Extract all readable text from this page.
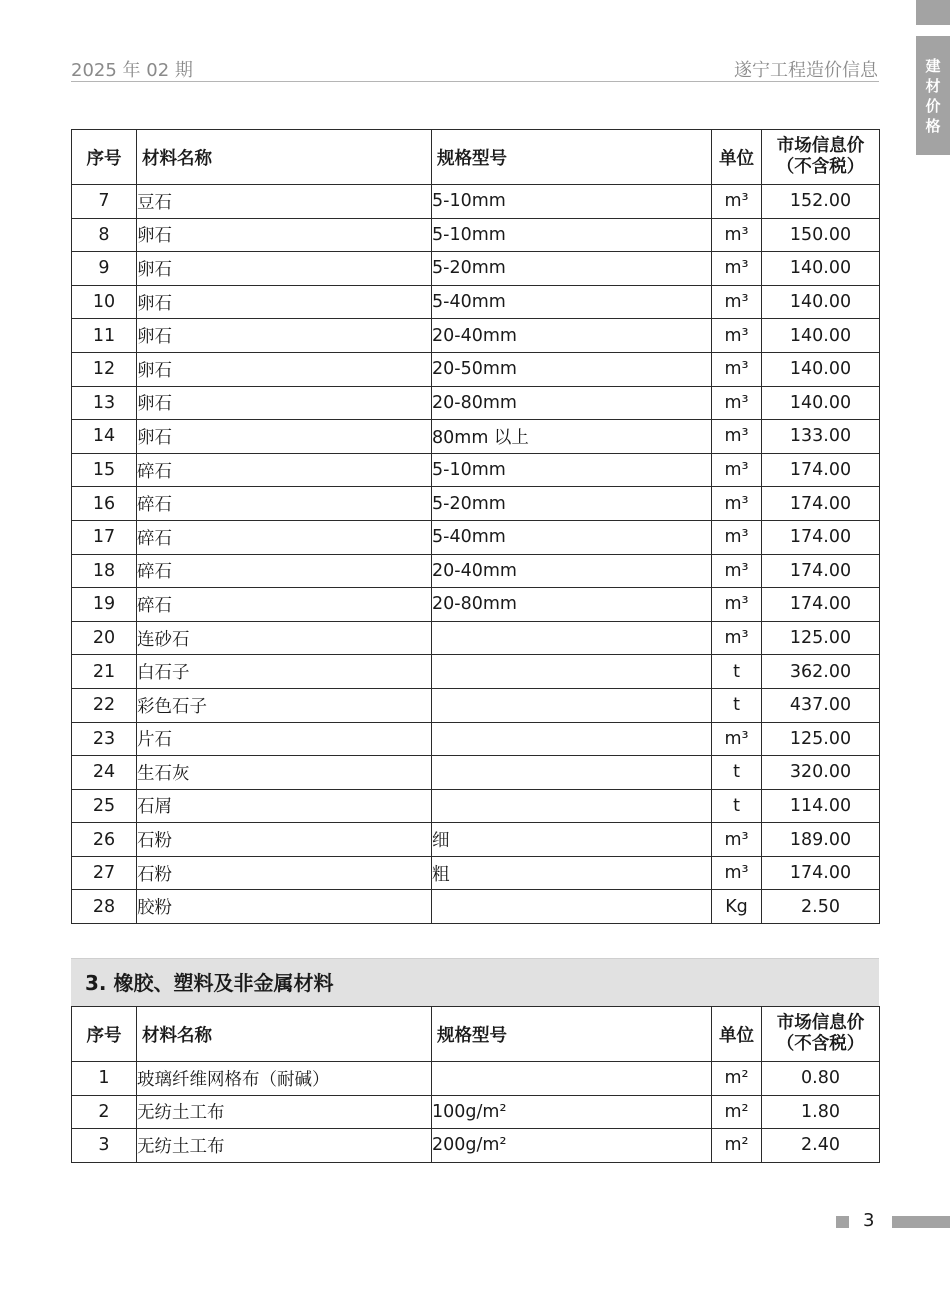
建材价格
2025 年 02 期	遂宁工程造价信息
序号	材料名称	规格型号	单位	市场信息价
（不含税）

7	豆石	5-10mm	m³	152.00
8	卵石	5-10mm	m³	150.00
9	卵石	5-20mm	m³	140.00
10	卵石	5-40mm	m³	140.00
11	卵石	20-40mm	m³	140.00
12	卵石	20-50mm	m³	140.00
13	卵石	20-80mm	m³	140.00
14	卵石	80mm 以上	m³	133.00
15	碎石	5-10mm	m³	174.00
16	碎石	5-20mm	m³	174.00
17	碎石	5-40mm	m³	174.00
18	碎石	20-40mm	m³	174.00
19	碎石	20-80mm	m³	174.00
20	连砂石		m³	125.00
21	白石子		t	362.00
22	彩色石子		t	437.00
23	片石		m³	125.00
24	生石灰		t	320.00
25	石屑		t	114.00
26	石粉	细	m³	189.00
27	石粉	粗	m³	174.00
28	胶粉		Kg	2.50
3. 橡胶、塑料及非金属材料
序号	材料名称	规格型号	单位	市场信息价
（不含税）

1	玻璃纤维网格布（耐碱）		m²	0.80
2	无纺土工布	100g/m²	m²	1.80
3	无纺土工布	200g/m²	m²	2.40
3
